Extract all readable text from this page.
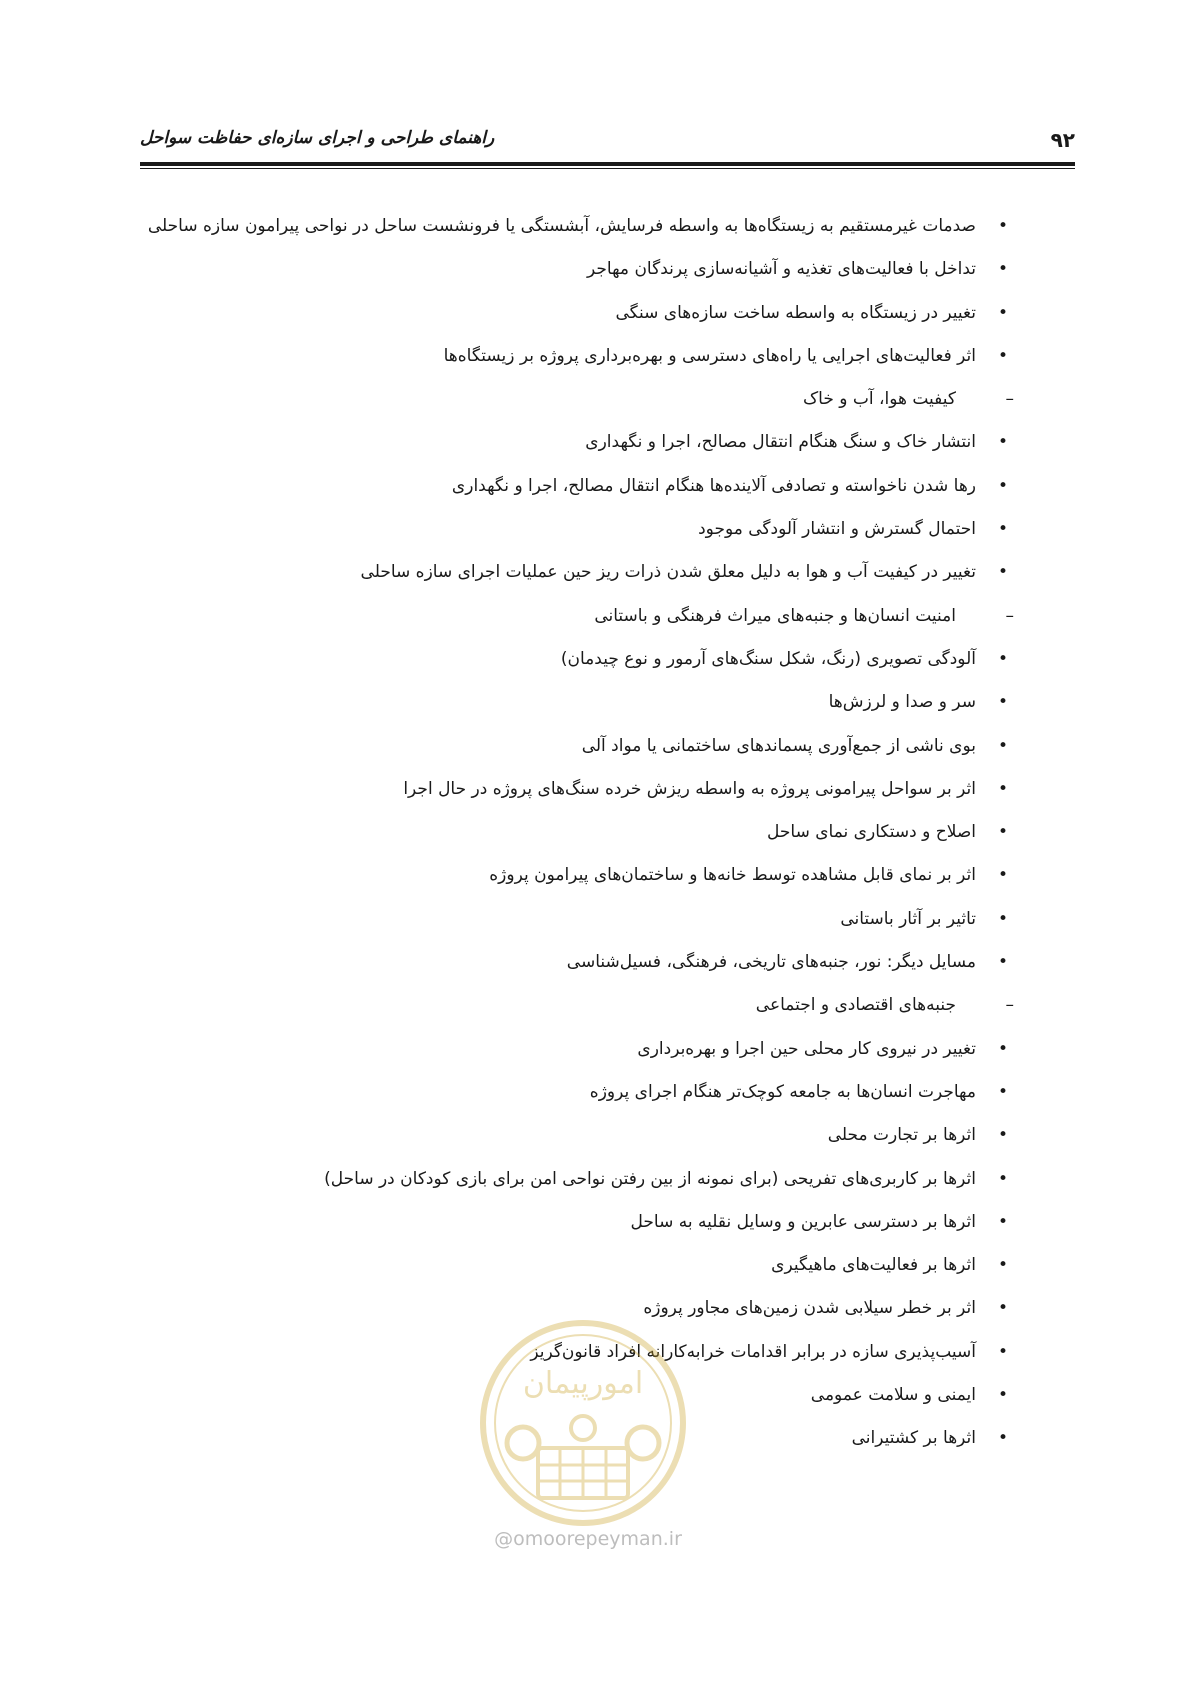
۹۲
راهنمای طراحی و اجرای سازه‌ای حفاظت سواحل
•
صدمات غیرمستقیم به زیستگاه‌ها به واسطه فرسایش، آبشستگی یا فرونشست ساحل در نواحی پیرامون سازه ساحلی
•
تداخل با فعالیت‌های تغذیه و آشیانه‌سازی پرندگان مهاجر
•
تغییر در زیستگاه به واسطه ساخت سازه‌های سنگی
•
اثر فعالیت‌های اجرایی یا راه‌های دسترسی و بهره‌برداری پروژه بر زیستگاه‌ها
–
کیفیت هوا، آب و خاک
•
انتشار خاک و سنگ هنگام انتقال مصالح، اجرا و نگهداری
•
رها شدن ناخواسته و تصادفی آلاینده‌ها هنگام انتقال مصالح، اجرا و نگهداری
•
احتمال گسترش و انتشار آلودگی موجود
•
تغییر در کیفیت آب و هوا به دلیل معلق شدن ذرات ریز حین عملیات اجرای سازه ساحلی
–
امنیت انسان‌ها و جنبه‌های میراث فرهنگی و باستانی
•
آلودگی تصویری (رنگ، شکل سنگ‌های آرمور و نوع چیدمان)
•
سر و صدا و لرزش‌ها
•
بوی ناشی از جمع‌آوری پسماندهای ساختمانی یا مواد آلی
•
اثر بر سواحل پیرامونی پروژه به واسطه ریزش خرده سنگ‌های پروژه در حال اجرا
•
اصلاح و دستکاری نمای ساحل
•
اثر بر نمای قابل مشاهده توسط خانه‌ها و ساختمان‌های پیرامون پروژه
•
تاثیر بر آثار باستانی
•
مسایل دیگر: نور، جنبه‌های تاریخی، فرهنگی، فسیل‌شناسی
–
جنبه‌های اقتصادی و اجتماعی
•
تغییر در نیروی کار محلی حین اجرا و بهره‌برداری
•
مهاجرت انسان‌ها به جامعه کوچک‌تر هنگام اجرای پروژه
•
اثرها بر تجارت محلی
•
اثرها بر کاربری‌های تفریحی (برای نمونه از بین رفتن نواحی امن برای بازی کودکان در ساحل)
•
اثرها بر دسترسی عابرین و وسایل نقلیه به ساحل
•
اثرها بر فعالیت‌های ماهیگیری
•
اثر بر خطر سیلابی شدن زمین‌های مجاور پروژه
•
آسیب‌پذیری سازه در برابر اقدامات خرابه‌کارانه افراد قانون‌گریز
•
ایمنی و سلامت عمومی
•
اثرها بر کشتیرانی
امورپیمان
@omoorepeyman.ir
